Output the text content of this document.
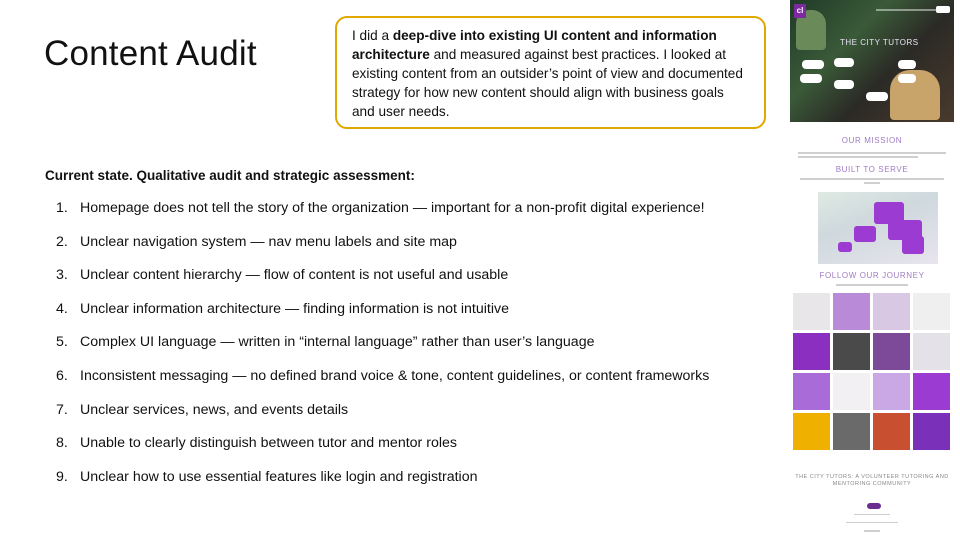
Content Audit	I did a deep-dive into existing UI content and information architecture and measured against best practices. I looked at existing content from an outsider’s point of view and documented strategy for how new content should align with business goals and user needs.
Current state. Qualitative audit and strategic assessment:
1. Homepage does not tell the story of the organization — important for a non-profit digital experience!
2. Unclear navigation system — nav menu labels and site map
3. Unclear content hierarchy — flow of content is not useful and usable
4. Unclear information architecture — finding information is not intuitive
5. Complex UI language — written in “internal language” rather than user’s language
6. Inconsistent messaging — no defined brand voice & tone, content guidelines, or content frameworks
7. Unclear services, news, and events details
8. Unable to clearly distinguish between tutor and mentor roles
9. Unclear how to use essential features like login and registration
cl
THE CITY TUTORS
OUR MISSION
BUILT TO SERVE
FOLLOW OUR JOURNEY
THE CITY TUTORS: A VOLUNTEER TUTORING AND MENTORING COMMUNITY
